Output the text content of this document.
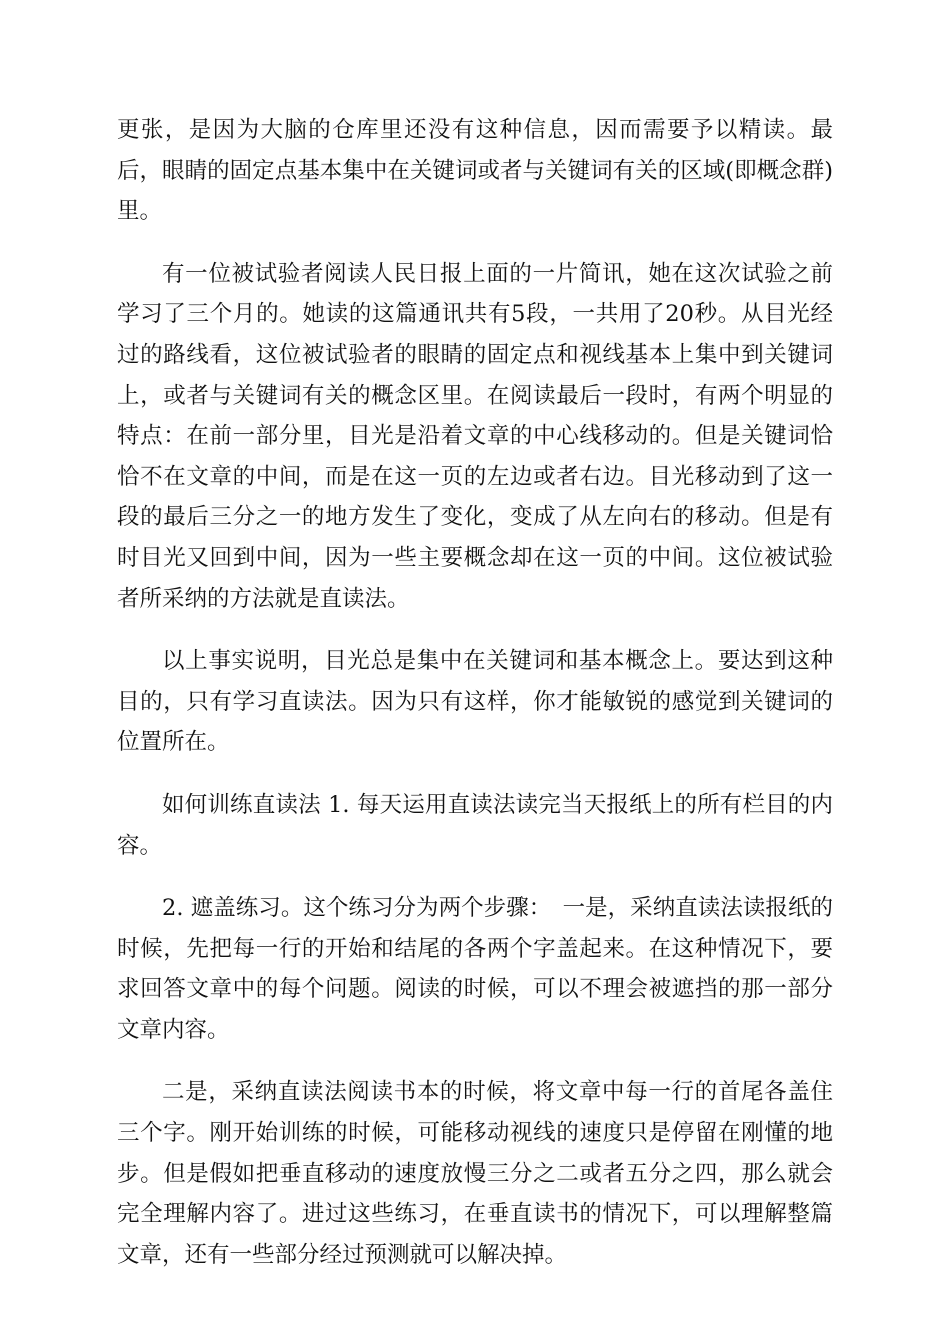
更张，是因为大脑的仓库里还没有这种信息，因而需要予以精读。最后，眼睛的固定点基本集中在关键词或者与关键词有关的区域(即概念群)里。

有一位被试验者阅读人民日报上面的一片简讯，她在这次试验之前学习了三个月的。她读的这篇通讯共有5段，一共用了20秒。从目光经过的路线看，这位被试验者的眼睛的固定点和视线基本上集中到关键词上，或者与关键词有关的概念区里。在阅读最后一段时，有两个明显的特点：在前一部分里，目光是沿着文章的中心线移动的。但是关键词恰恰不在文章的中间，而是在这一页的左边或者右边。目光移动到了这一段的最后三分之一的地方发生了变化，变成了从左向右的移动。但是有时目光又回到中间，因为一些主要概念却在这一页的中间。这位被试验者所采纳的方法就是直读法。

以上事实说明，目光总是集中在关键词和基本概念上。要达到这种目的，只有学习直读法。因为只有这样，你才能敏锐的感觉到关键词的位置所在。

如何训练直读法 1. 每天运用直读法读完当天报纸上的所有栏目的内容。

2. 遮盖练习。这个练习分为两个步骤：　一是，采纳直读法读报纸的时候，先把每一行的开始和结尾的各两个字盖起来。在这种情况下，要求回答文章中的每个问题。阅读的时候，可以不理会被遮挡的那一部分文章内容。

二是，采纳直读法阅读书本的时候，将文章中每一行的首尾各盖住三个字。刚开始训练的时候，可能移动视线的速度只是停留在刚懂的地步。但是假如把垂直移动的速度放慢三分之二或者五分之四，那么就会完全理解内容了。进过这些练习，在垂直读书的情况下，可以理解整篇文章，还有一些部分经过预测就可以解决掉。
